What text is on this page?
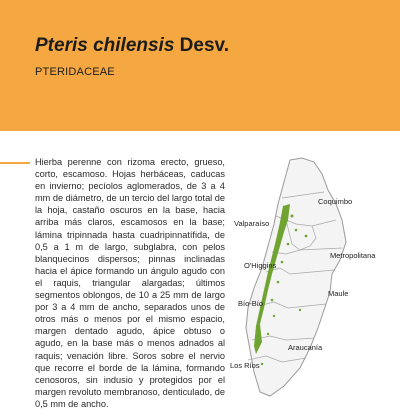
Pteris chilensis Desv.
PTERIDACEAE

Hierba perenne con rizoma erecto, grueso, corto, escamoso. Hojas herbáceas, caducas en invierno; pecíolos aglomerados, de 3 a 4 mm de diámetro, de un tercio del largo total de la hoja, castaño oscuros en la base, hacia arriba más claros, escamosos en la base; lámina tripinnada hasta cuadripinnatífida, de 0,5 a 1 m de largo, subglabra, con pelos blanquecinos dispersos; pinnas inclinadas hacia el ápice formando un ángulo agudo con el raquis, triangular alargadas; últimos segmentos oblongos, de 10 a 25 mm de largo por 3 a 4 mm de ancho, separados unos de otros más o menos por el mismo espacio, margen dentado agudo, ápice obtuso o agudo, en la base más o menos adnados al raquis; venación libre. Soros sobre el nervio que recorre el borde de la lámina, formando cenosoros, sin indusio y protegidos por el margen revoluto membranoso, denticulado, de 0,5 mm de ancho.

Coquimbo
Valparaíso
Metropolitana
O'Higgins
Maule
Bío-Bío
Araucanía
Los Ríos
